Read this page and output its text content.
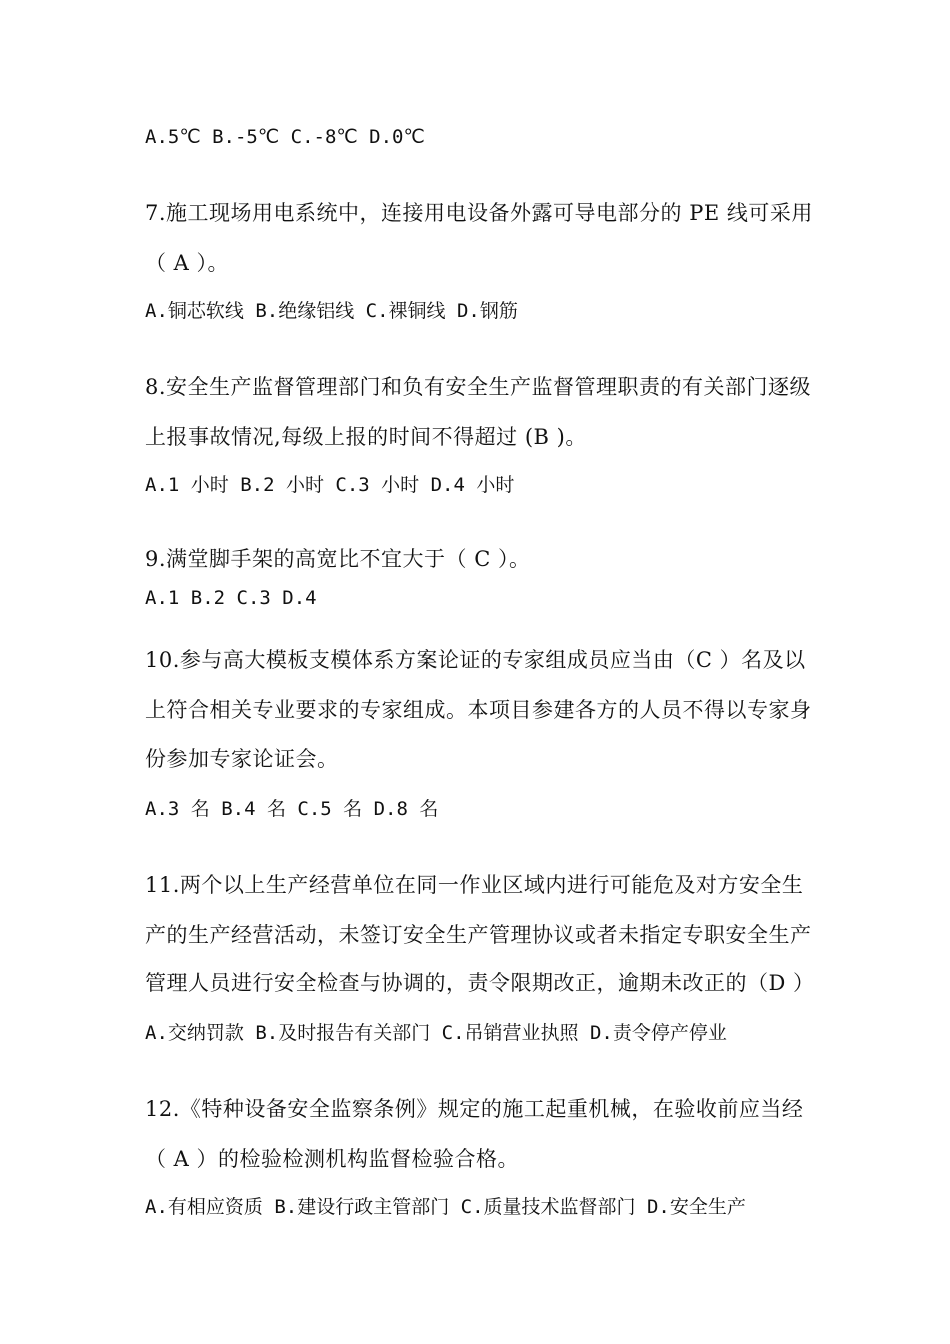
A.5℃ B.-5℃ C.-8℃ D.0℃
7.施工现场用电系统中，连接用电设备外露可导电部分的 PE 线可采用
（ A ）。
A.铜芯软线 B.绝缘铝线 C.裸铜线 D.钢筋
8.安全生产监督管理部门和负有安全生产监督管理职责的有关部门逐级
上报事故情况,每级上报的时间不得超过 (B )。
A.1 小时 B.2 小时 C.3 小时 D.4 小时
9.满堂脚手架的高宽比不宜大于（ C ）。
A.1 B.2 C.3 D.4
10.参与高大模板支模体系方案论证的专家组成员应当由（C ）名及以
上符合相关专业要求的专家组成。本项目参建各方的人员不得以专家身
份参加专家论证会。
A.3 名 B.4 名 C.5 名 D.8 名
11.两个以上生产经营单位在同一作业区域内进行可能危及对方安全生
产的生产经营活动，未签订安全生产管理协议或者未指定专职安全生产
管理人员进行安全检查与协调的，责令限期改正，逾期未改正的（D ）
A.交纳罚款 B.及时报告有关部门 C.吊销营业执照 D.责令停产停业
12.《特种设备安全监察条例》规定的施工起重机械，在验收前应当经
（ A ）的检验检测机构监督检验合格。
A.有相应资质 B.建设行政主管部门 C.质量技术监督部门 D.安全生产
